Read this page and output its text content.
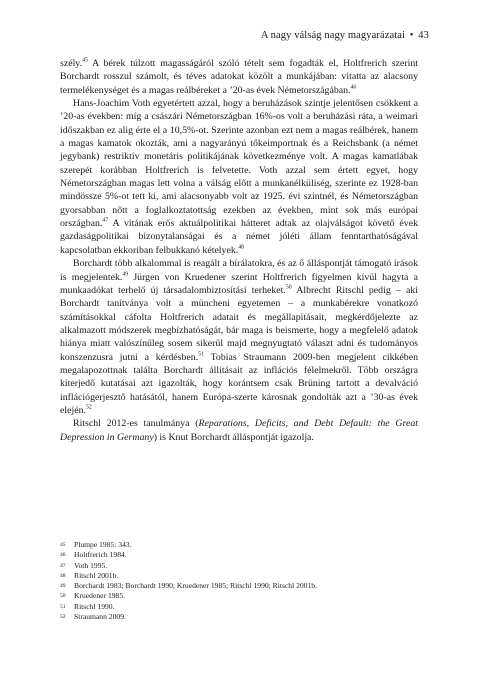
A nagy válság nagy magyarázatai • 43

szély.$^{45}$ A bérek túlzott magasságáról szóló tételt sem fogadták el, Holtfrerich szerint Borchardt rosszul számolt, és téves adatokat közölt a munkájában: vitatta az alacsony termelékenységet és a magas reálbéreket a ’20-as évek Németországában.$^{46}$

Hans-Joachim Voth egyetértett azzal, hogy a beruházások szintje jelentősen csökkent a ’20-as években: míg a császári Németországban 16%-os volt a beruházási ráta, a weimari időszakban ez alig érte el a 10,5%-ot. Szerinte azonban ezt nem a magas reálbérek, hanem a magas kamatok okozták, ami a nagyarányú tőkeimportnak és a Reichsbank (a német jegybank) restriktív monetáris politikájának következménye volt. A magas kamatlábak szerepét korábban Holtfrerich is felvetette. Voth azzal sem értett egyet, hogy Németországban magas lett volna a válság előtt a munkanélküliség, szerinte ez 1928-ban mindössze 5%-ot tett ki, ami alacsonyabb volt az 1925. évi szintnél, és Németországban gyorsabban nőtt a foglalkoztatottság ezekben az években, mint sok más európai országban.$^{47}$ A vitának erős aktuálpolitikai hátteret adtak az olajválságot követő évek gazdaságpolitikai bizonytalanságai és a német jóléti állam fenntarthatóságával kapcsolatban ekkoriban felbukkanó kételyek.$^{48}$

Borchardt több alkalommal is reagált a bírálatokra, és az ő álláspontját támogató írások is megjelentek.$^{49}$ Jürgen von Kruedener szerint Holtfrerich figyelmen kívül hagyta a munkaadókat terhelő új társadalombiztosítási terheket.$^{50}$ Albrecht Ritschl pedig – aki Borchardt tanítványa volt a müncheni egyetemen – a munkabérekre vonatkozó számításokkal cáfolta Holtfrerich adatait és megállapításait, megkérdőjelezte az alkalmazott módszerek megbízhatóságát, bár maga is beismerte, hogy a megfelelő adatok hiánya miatt valószínűleg sosem sikerül majd megnyugtató választ adni és tudományos konszenzusra jutni a kérdésben.$^{51}$ Tobias Straumann 2009-ben megjelent cikkében megalapozottnak találta Borchardt állításait az inflációs félelmekről. Több országra kiterjedő kutatásai azt igazolták, hogy korántsem csak Brüning tartott a devalváció inflációgerjesztő hatásától, hanem Európa-szerte károsnak gondolták azt a ’30-as évek elején.$^{52}$

Ritschl 2012-es tanulmánya (Reparations, Deficits, and Debt Default: the Great Depression in Germany) is Knut Borchardt álláspontját igazolja.

45	Plumpe 1985: 343.
46	Holtfrerich 1984.
47	Voth 1995.
48	Ritschl 2001b.
49	Borchardt 1983; Borchardt 1990; Kruedener 1985; Ritschl 1990; Ritschl 2001b.
50	Kruedener 1985.
51	Ritschl 1990.
52	Straumann 2009.
